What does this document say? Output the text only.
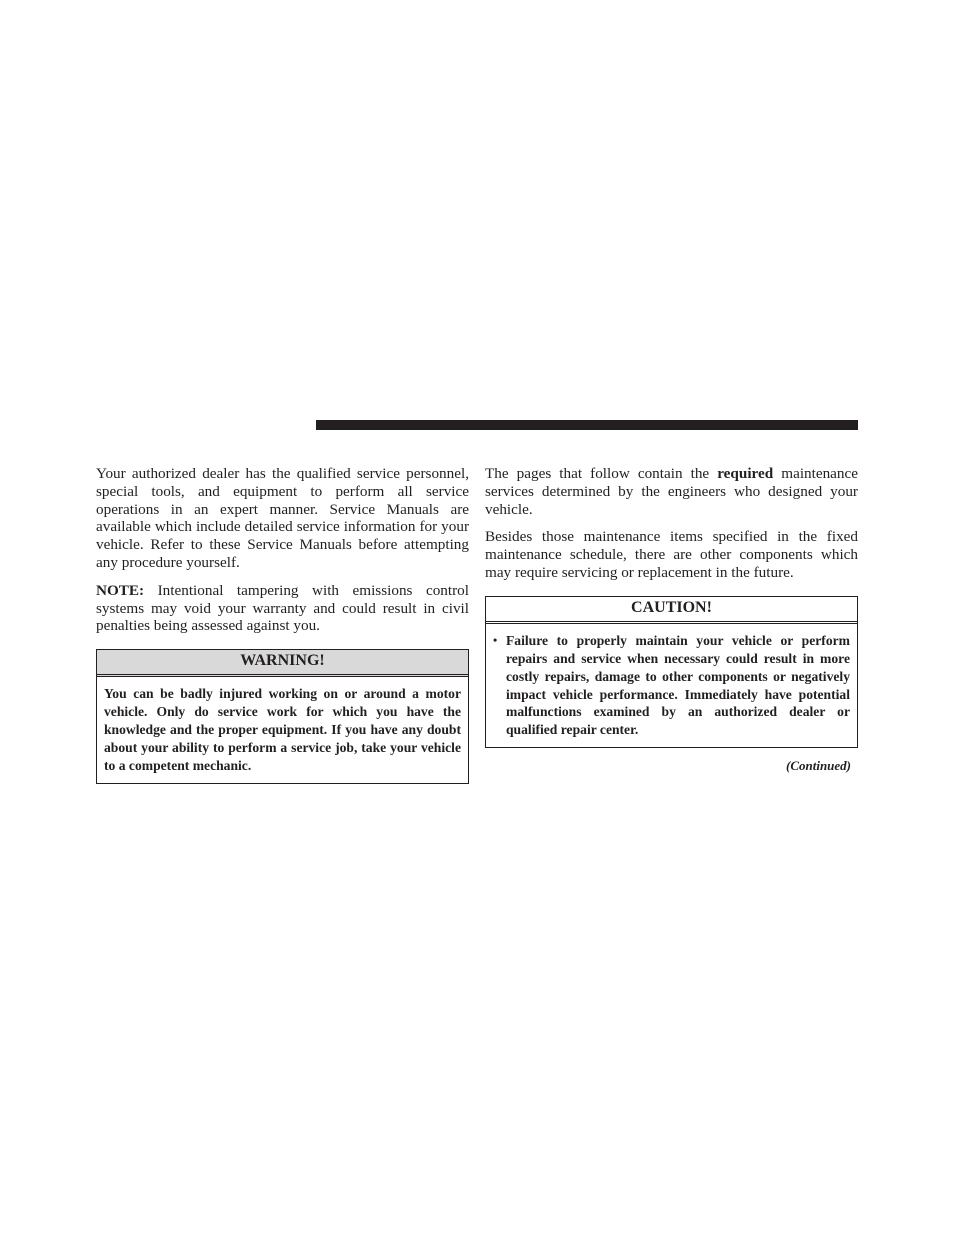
Your authorized dealer has the qualified service personnel, special tools, and equipment to perform all service operations in an expert manner. Service Manuals are available which include detailed service information for your vehicle. Refer to these Service Manuals before attempting any procedure yourself.

NOTE: Intentional tampering with emissions control systems may void your warranty and could result in civil penalties being assessed against you.

WARNING!
You can be badly injured working on or around a motor vehicle. Only do service work for which you have the knowledge and the proper equipment. If you have any doubt about your ability to perform a service job, take your vehicle to a competent mechanic.

The pages that follow contain the required maintenance services determined by the engineers who designed your vehicle.

Besides those maintenance items specified in the fixed maintenance schedule, there are other components which may require servicing or replacement in the future.

CAUTION!
• Failure to properly maintain your vehicle or perform repairs and service when necessary could result in more costly repairs, damage to other components or negatively impact vehicle performance. Immediately have potential malfunctions examined by an authorized dealer or qualified repair center.
(Continued)
